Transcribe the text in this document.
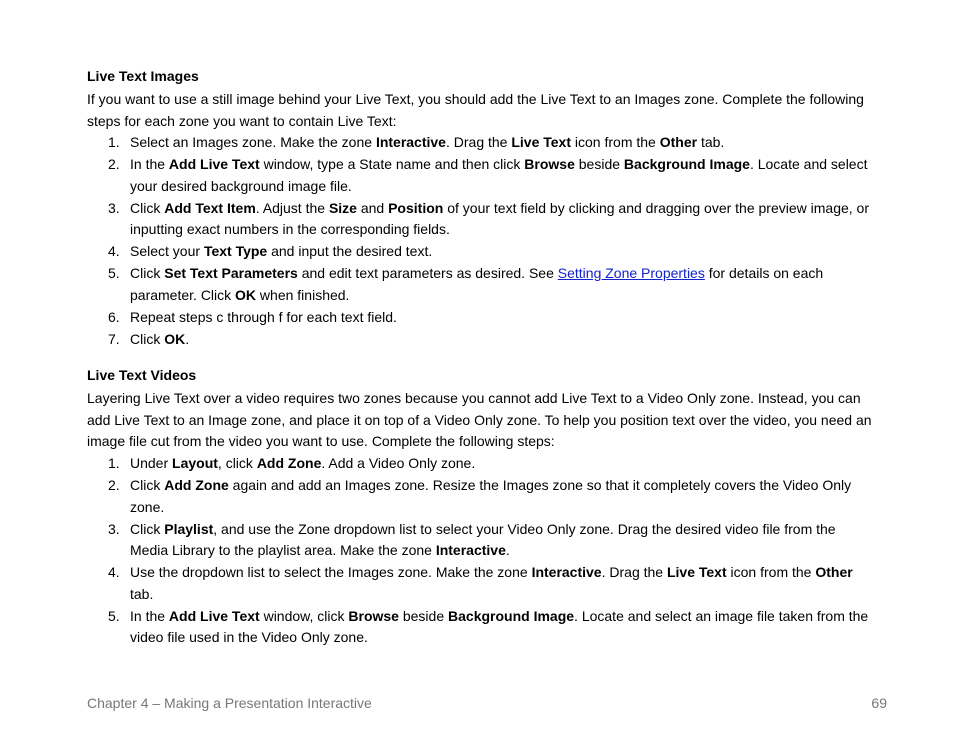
Live Text Images

If you want to use a still image behind your Live Text, you should add the Live Text to an Images zone. Complete the following steps for each zone you want to contain Live Text:

1. Select an Images zone. Make the zone Interactive. Drag the Live Text icon from the Other tab.
2. In the Add Live Text window, type a State name and then click Browse beside Background Image. Locate and select your desired background image file.
3. Click Add Text Item. Adjust the Size and Position of your text field by clicking and dragging over the preview image, or inputting exact numbers in the corresponding fields.
4. Select your Text Type and input the desired text.
5. Click Set Text Parameters and edit text parameters as desired. See Setting Zone Properties for details on each parameter. Click OK when finished.
6. Repeat steps c through f for each text field.
7. Click OK.
Live Text Videos

Layering Live Text over a video requires two zones because you cannot add Live Text to a Video Only zone. Instead, you can add Live Text to an Image zone, and place it on top of a Video Only zone. To help you position text over the video, you need an image file cut from the video you want to use. Complete the following steps:

1. Under Layout, click Add Zone. Add a Video Only zone.
2. Click Add Zone again and add an Images zone. Resize the Images zone so that it completely covers the Video Only zone.
3. Click Playlist, and use the Zone dropdown list to select your Video Only zone. Drag the desired video file from the Media Library to the playlist area. Make the zone Interactive.
4. Use the dropdown list to select the Images zone. Make the zone Interactive. Drag the Live Text icon from the Other tab.
5. In the Add Live Text window, click Browse beside Background Image. Locate and select an image file taken from the video file used in the Video Only zone.
Chapter 4 – Making a Presentation Interactive	69
